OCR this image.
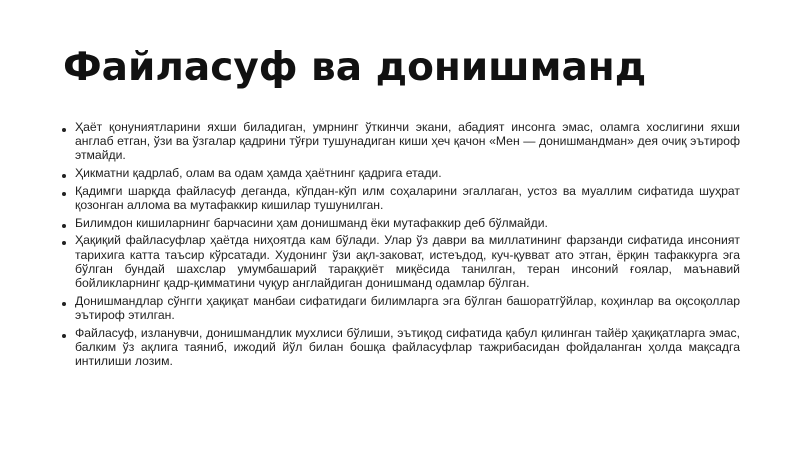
Файласуф ва донишманд
Ҳаёт қонуниятларини яхши биладиган, умрнинг ўткинчи экани, абадият инсонга эмас, оламга хослигини яхши англаб етган, ўзи ва ўзгалар қадрини тўғри тушунадиган киши ҳеч қачон «Мен — донишмандман» дея очиқ эътироф этмайди.
Ҳикматни қадрлаб, олам ва одам ҳамда ҳаётнинг қадрига етади.
Қадимги шарқда файласуф деганда, кўпдан-кўп илм соҳаларини эгаллаган, устоз ва муаллим сифатида шуҳрат қозонган аллома ва мутафаккир кишилар тушунилган.
Билимдон кишиларнинг барчасини ҳам донишманд ёки мутафаккир деб бўлмайди.
Ҳақиқий файласуфлар ҳаётда ниҳоятда кам бўлади. Улар ўз даври ва миллатининг фарзанди сифатида инсоният тарихига катта таъсир кўрсатади. Худонинг ўзи ақл-заковат, истеъдод, куч-қувват ато этган, ёрқин тафаккурга эга бўлган бундай шахслар умумбашарий тараққиёт миқёсида танилган, теран инсоний ғоялар, маънавий бойликларнинг қадр-қимматини чуқур англайдиган донишманд одамлар бўлган.
Донишмандлар сўнгги ҳақиқат манбаи сифатидаги билимларга эга бўлган башоратгўйлар, коҳинлар ва оқсоқоллар эътироф этилган.
Файласуф, изланувчи, донишмандлик мухлиси бўлиши, эътиқод сифатида қабул қилинган тайёр ҳақиқатларга эмас, балким ўз ақлига таяниб, ижодий йўл билан бошқа файласуфлар тажрибасидан фойдаланган ҳолда мақсадга интилиши лозим.
